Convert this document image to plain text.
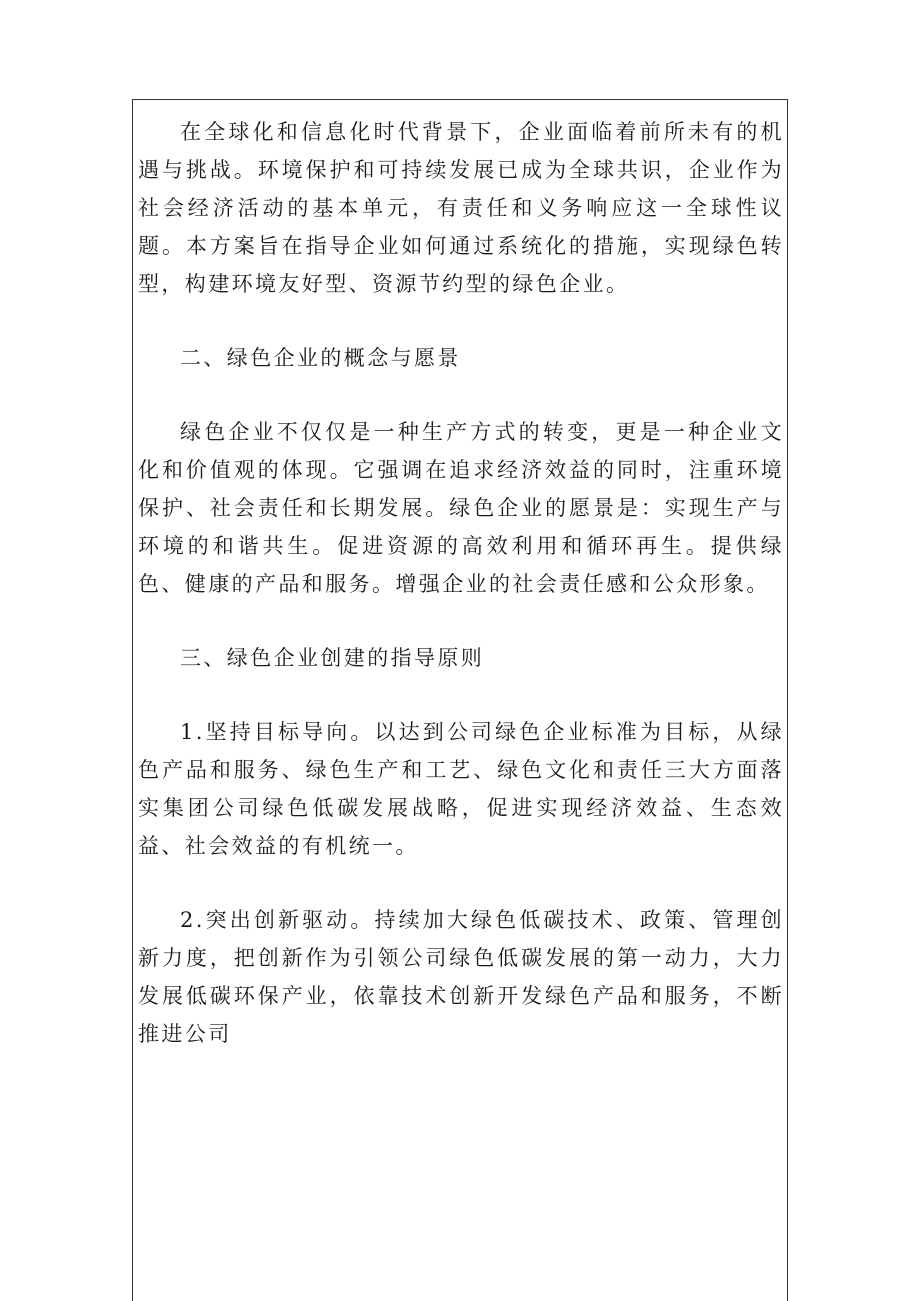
在全球化和信息化时代背景下，企业面临着前所未有的机遇与挑战。环境保护和可持续发展已成为全球共识，企业作为社会经济活动的基本单元，有责任和义务响应这一全球性议题。本方案旨在指导企业如何通过系统化的措施，实现绿色转型，构建环境友好型、资源节约型的绿色企业。

二、绿色企业的概念与愿景

绿色企业不仅仅是一种生产方式的转变，更是一种企业文化和价值观的体现。它强调在追求经济效益的同时，注重环境保护、社会责任和长期发展。绿色企业的愿景是：实现生产与环境的和谐共生。促进资源的高效利用和循环再生。提供绿色、健康的产品和服务。增强企业的社会责任感和公众形象。

三、绿色企业创建的指导原则

1.坚持目标导向。以达到公司绿色企业标准为目标，从绿色产品和服务、绿色生产和工艺、绿色文化和责任三大方面落实集团公司绿色低碳发展战略，促进实现经济效益、生态效益、社会效益的有机统一。

2.突出创新驱动。持续加大绿色低碳技术、政策、管理创新力度，把创新作为引领公司绿色低碳发展的第一动力，大力发展低碳环保产业，依靠技术创新开发绿色产品和服务，不断推进公司
